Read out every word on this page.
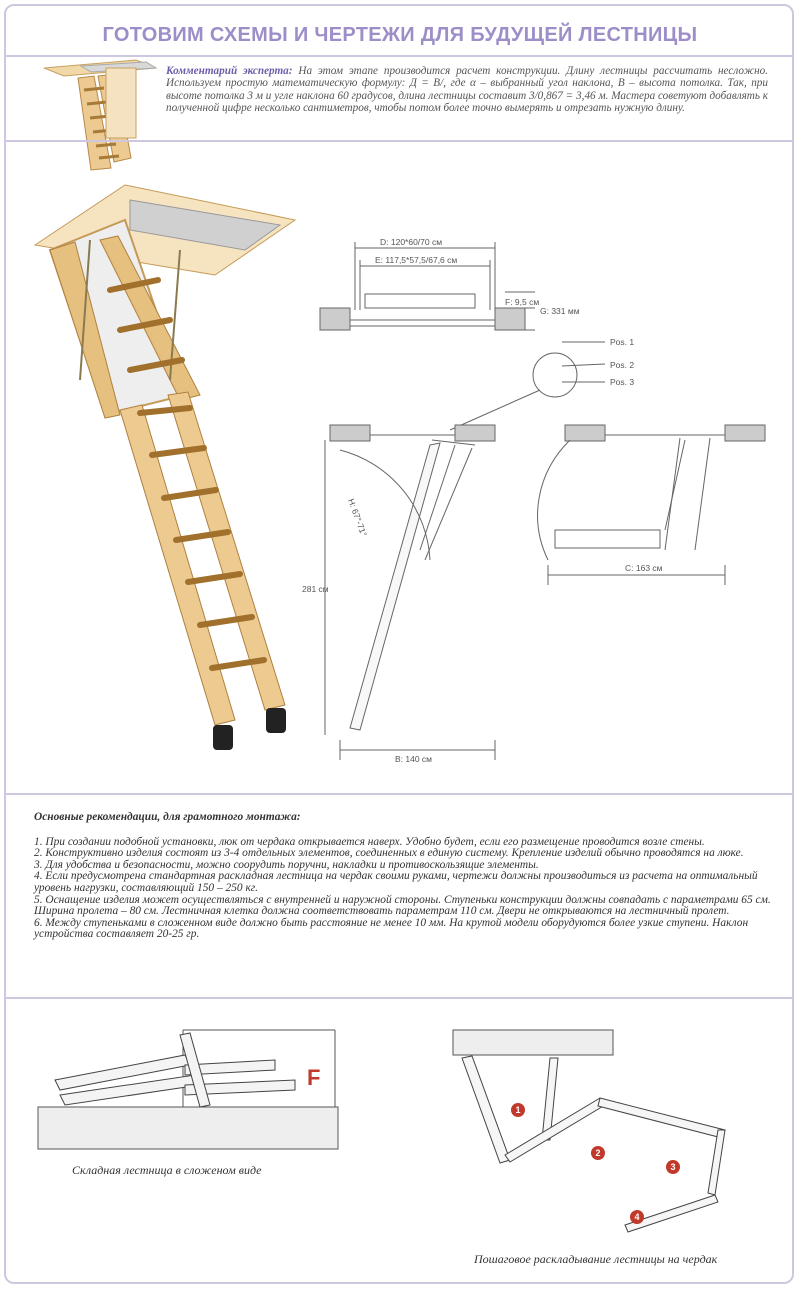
ГОТОВИМ СХЕМЫ И ЧЕРТЕЖИ ДЛЯ БУДУЩЕЙ ЛЕСТНИЦЫ
Комментарий эксперта: На этом этапе производится расчет конструкции. Длину лестницы рассчитать несложно. Используем простую математическую формулу: Д = В/, где α – выбранный угол наклона, В – высота потолка. Так, при высоте потолка 3 м и угле наклона 60 градусов, длина лестницы составит 3/0,867 = 3,46 м. Мастера советуют добавлять к полученной цифре несколько сантиметров, чтобы потом более точно вымерять и отрезать нужную длину.
D: 120*60/70 см
E: 117,5*57,5/67,6 см
F: 9,5 см
G: 331 мм
Pos. 1
Pos. 2
Pos. 3
H: 67°-71°
281 см
B: 140 см
C: 163 см
Основные рекомендации, для грамотного монтажа:

1. При создании подобной установки, люк от чердака открывается наверх. Удобно будет, если его размещение проводится возле стены.

2. Конструктивно изделия состоят из 3-4 отдельных элементов, соединенных в единую систему. Крепление изделий обычно проводятся на люке.

3. Для удобства и безопасности, можно соорудить поручни, накладки и противоскользящие элементы.

4. Если предусмотрена стандартная раскладная лестница на чердак своими руками, чертежи должны производиться из расчета на оптимальный уровень нагрузки, составляющий 150 – 250 кг.

5. Оснащение изделия может осуществляться с внутренней и наружной стороны. Ступеньки конструкции должны совпадать с параметрами 65 см. Ширина пролета – 80 см. Лестничная клетка должна соответствовать параметрам 110 см. Двери не открываются на лестничный пролет.

6. Между ступеньками в сложенном виде должно быть расстояние не менее 10 мм. На крутой модели оборудуются более узкие ступени. Наклон устройства составляет 20-25 гр.

F
Складная лестница в сложеном виде
1
2
3
4
Пошаговое раскладывание лестницы на чердак
